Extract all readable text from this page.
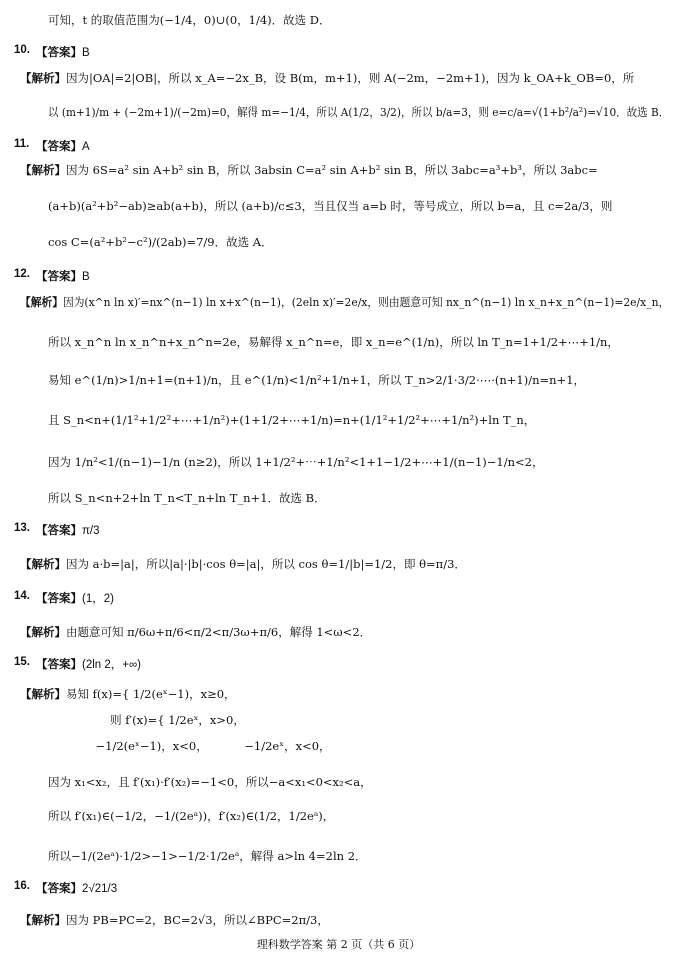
可知，t 的取值范围为(−1/4，0)∪(0，1/4)．故选 D．
10. 【答案】B
【解析】因为|OA|=2|OB|，所以 x_A=−2x_B，设 B(m，m+1)，则 A(−2m，−2m+1)，因为 k_OA+k_OB=0，所
以 (m+1)/m + (−2m+1)/(−2m)=0，解得 m=−1/4，所以 A(1/2，3/2)，所以 b/a=3，则 e=c/a=√(1+b²/a²)=√10．故选 B．
11. 【答案】A
【解析】因为 6S=a² sin A+b² sin B，所以 3absin C=a² sin A+b² sin B，所以 3abc=a³+b³，所以 3abc=
(a+b)(a²+b²−ab)≥ab(a+b)，所以 (a+b)/c≤3，当且仅当 a=b 时，等号成立，所以 b=a，且 c=2a/3，则
cos C=(a²+b²−c²)/(2ab)=7/9．故选 A．
12. 【答案】B
【解析】因为(x^n ln x)′=nx^(n−1) ln x+x^(n−1)，(2eln x)′=2e/x，则由题意可知 nx_n^(n−1) ln x_n+x_n^(n−1)=2e/x_n，
所以 x_n^n ln x_n^n+x_n^n=2e，易解得 x_n^n=e，即 x_n=e^(1/n)，所以 ln T_n=1+1/2+⋯+1/n，
易知 e^(1/n)>1/n+1=(n+1)/n，且 e^(1/n)<1/n²+1/n+1，所以 T_n>2/1·3/2·⋯·(n+1)/n=n+1，
且 S_n<n+(1/1²+1/2²+⋯+1/n²)+(1+1/2+⋯+1/n)=n+(1/1²+1/2²+⋯+1/n²)+ln T_n，
因为 1/n²<1/(n−1)−1/n (n≥2)，所以 1+1/2²+⋯+1/n²<1+1−1/2+⋯+1/(n−1)−1/n<2，
所以 S_n<n+2+ln T_n<T_n+ln T_n+1．故选 B．
13. 【答案】π/3
【解析】因为 a·b=|a|，所以|a|·|b|·cos θ=|a|，所以 cos θ=1/|b|=1/2，即 θ=π/3．
14. 【答案】(1，2)
【解析】由题意可知 π/6ω+π/6<π/2<π/3ω+π/6，解得 1<ω<2．
15. 【答案】(2ln 2，+∞)
【解析】易知 f(x)={ 1/2(eˣ−1)，x≥0，
则 f′(x)={ 1/2eˣ，x>0，
−1/2(eˣ−1)，x<0，          −1/2eˣ，x<0，
因为 x₁<x₂，且 f′(x₁)·f′(x₂)=−1<0，所以−a<x₁<0<x₂<a，
所以 f′(x₁)∈(−1/2，−1/(2eᵃ))，f′(x₂)∈(1/2，1/2eᵃ)，
所以−1/(2eᵃ)·1/2>−1>−1/2·1/2eᵃ，解得 a>ln 4=2ln 2．
16. 【答案】2√21/3
【解析】因为 PB=PC=2，BC=2√3，所以∠BPC=2π/3，
理科数学答案 第 2 页（共 6 页）
